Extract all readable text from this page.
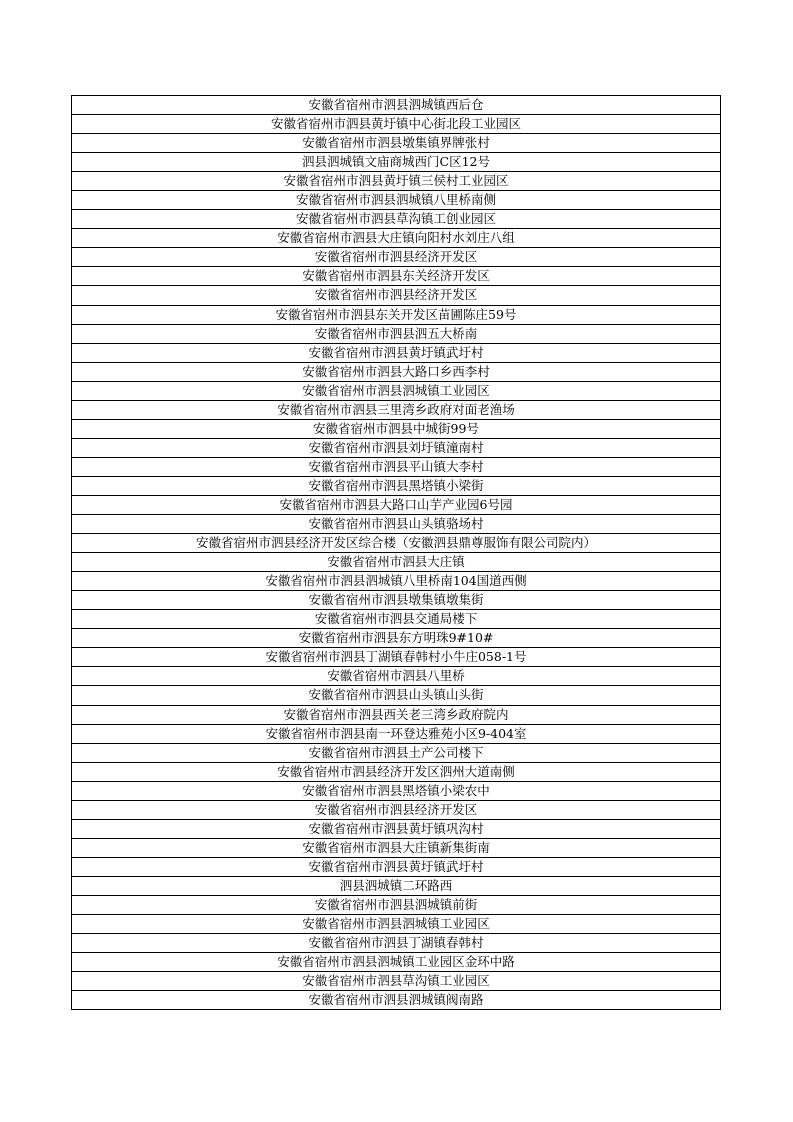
安徽省宿州市泗县泗城镇西后仓
安徽省宿州市泗县黄圩镇中心街北段工业园区
安徽省宿州市泗县墩集镇界牌张村
泗县泗城镇文庙商城西门C区12号
安徽省宿州市泗县黄圩镇三侯村工业园区
安徽省宿州市泗县泗城镇八里桥南侧
安徽省宿州市泗县草沟镇工创业园区
安徽省宿州市泗县大庄镇向阳村水刘庄八组
安徽省宿州市泗县经济开发区
安徽省宿州市泗县东关经济开发区
安徽省宿州市泗县经济开发区
安徽省宿州市泗县东关开发区苗圃陈庄59号
安徽省宿州市泗县泗五大桥南
安徽省宿州市泗县黄圩镇武圩村
安徽省宿州市泗县大路口乡西李村
安徽省宿州市泗县泗城镇工业园区
安徽省宿州市泗县三里湾乡政府对面老渔场
安徽省宿州市泗县中城街99号
安徽省宿州市泗县刘圩镇潼南村
安徽省宿州市泗县平山镇大李村
安徽省宿州市泗县黑塔镇小梁街
安徽省宿州市泗县大路口山芋产业园6号园
安徽省宿州市泗县山头镇骆场村
安徽省宿州市泗县经济开发区综合楼（安徽泗县鼎尊服饰有限公司院内）
安徽省宿州市泗县大庄镇
安徽省宿州市泗县泗城镇八里桥南104国道西侧
安徽省宿州市泗县墩集镇墩集街
安徽省宿州市泗县交通局楼下
安徽省宿州市泗县东方明珠9#10#
安徽省宿州市泗县丁湖镇春韩村小牛庄058-1号
安徽省宿州市泗县八里桥
安徽省宿州市泗县山头镇山头街
安徽省宿州市泗县西关老三湾乡政府院内
安徽省宿州市泗县南一环登达雅苑小区9-404室
安徽省宿州市泗县土产公司楼下
安徽省宿州市泗县经济开发区泗州大道南侧
安徽省宿州市泗县黑塔镇小梁农中
安徽省宿州市泗县经济开发区
安徽省宿州市泗县黄圩镇巩沟村
安徽省宿州市泗县大庄镇新集街南
安徽省宿州市泗县黄圩镇武圩村
泗县泗城镇二环路西
安徽省宿州市泗县泗城镇前街
安徽省宿州市泗县泗城镇工业园区
安徽省宿州市泗县丁湖镇春韩村
安徽省宿州市泗县泗城镇工业园区金环中路
安徽省宿州市泗县草沟镇工业园区
安徽省宿州市泗县泗城镇阀南路
